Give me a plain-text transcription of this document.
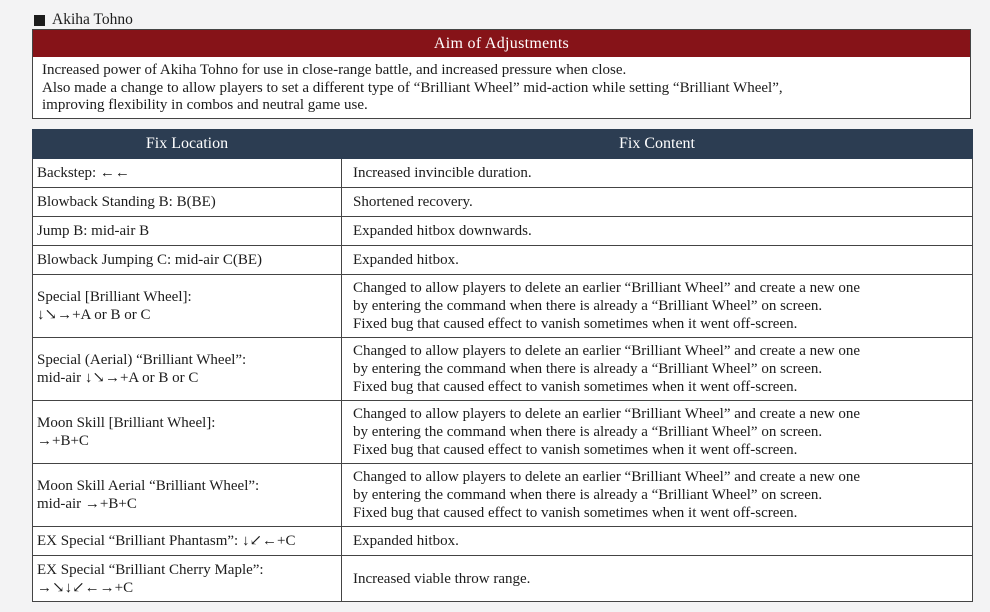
Akiha Tohno
Aim of Adjustments

Increased power of Akiha Tohno for use in close-range battle, and increased pressure when close.

Also made a change to allow players to set a different type of “Brilliant Wheel” mid-action while setting “Brilliant Wheel”,

improving flexibility in combos and neutral game use.

Fix Location	Fix Content

Backstep: ←←	Increased invincible duration.

Blowback Standing B: B(BE)	Shortened recovery.

Jump B: mid-air B	Expanded hitbox downwards.

Blowback Jumping C: mid-air C(BE)	Expanded hitbox.

Special [Brilliant Wheel]:
↓↘→+A or B or C	Changed to allow players to delete an earlier “Brilliant Wheel” and create a new one
by entering the command when there is already a “Brilliant Wheel” on screen.
Fixed bug that caused effect to vanish sometimes when it went off-screen.

Special (Aerial) “Brilliant Wheel”:
mid-air ↓↘→+A or B or C	Changed to allow players to delete an earlier “Brilliant Wheel” and create a new one
by entering the command when there is already a “Brilliant Wheel” on screen.
Fixed bug that caused effect to vanish sometimes when it went off-screen.

Moon Skill [Brilliant Wheel]:
→+B+C	Changed to allow players to delete an earlier “Brilliant Wheel” and create a new one
by entering the command when there is already a “Brilliant Wheel” on screen.
Fixed bug that caused effect to vanish sometimes when it went off-screen.

Moon Skill Aerial “Brilliant Wheel”:
mid-air →+B+C	Changed to allow players to delete an earlier “Brilliant Wheel” and create a new one
by entering the command when there is already a “Brilliant Wheel” on screen.
Fixed bug that caused effect to vanish sometimes when it went off-screen.

EX Special “Brilliant Phantasm”: ↓↙←+C	Expanded hitbox.

EX Special “Brilliant Cherry Maple”:
→↘↓↙←→+C	Increased viable throw range.
